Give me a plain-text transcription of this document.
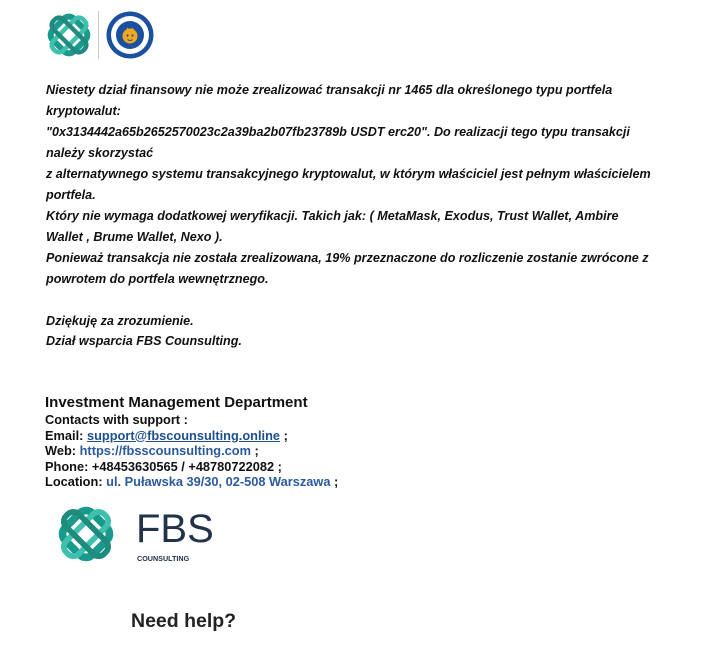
Niestety dział finansowy nie może zrealizować transakcji nr 1465 dla określonego typu portfela

kryptowalut:

"0x3134442a65b2652570023c2a39ba2b07fb23789b USDT erc20". Do realizacji tego typu transakcji

należy skorzystać

z alternatywnego systemu transakcyjnego kryptowalut, w którym właściciel jest pełnym właścicielem

portfela.

Który nie wymaga dodatkowej weryfikacji. Takich jak: ( MetaMask, Exodus, Trust Wallet, Ambire

Wallet , Brume Wallet, Nexo ).

Ponieważ transakcja nie została zrealizowana, 19% przeznaczone do rozliczenie zostanie zwrócone z

powrotem do portfela wewnętrznego.

Dziękuję za zrozumienie.

Dział wsparcia FBS Counsulting.

Investment Management Department
Contacts with support :
Email: support@fbscounsulting.online ;
Web: https://fbsscounsulting.com ;
Phone: +48453630565 / +48780722082 ;
Location: ul. Puławska 39/30, 02-508 Warszawa ;
FBS
COUNSULTING
Need help?
